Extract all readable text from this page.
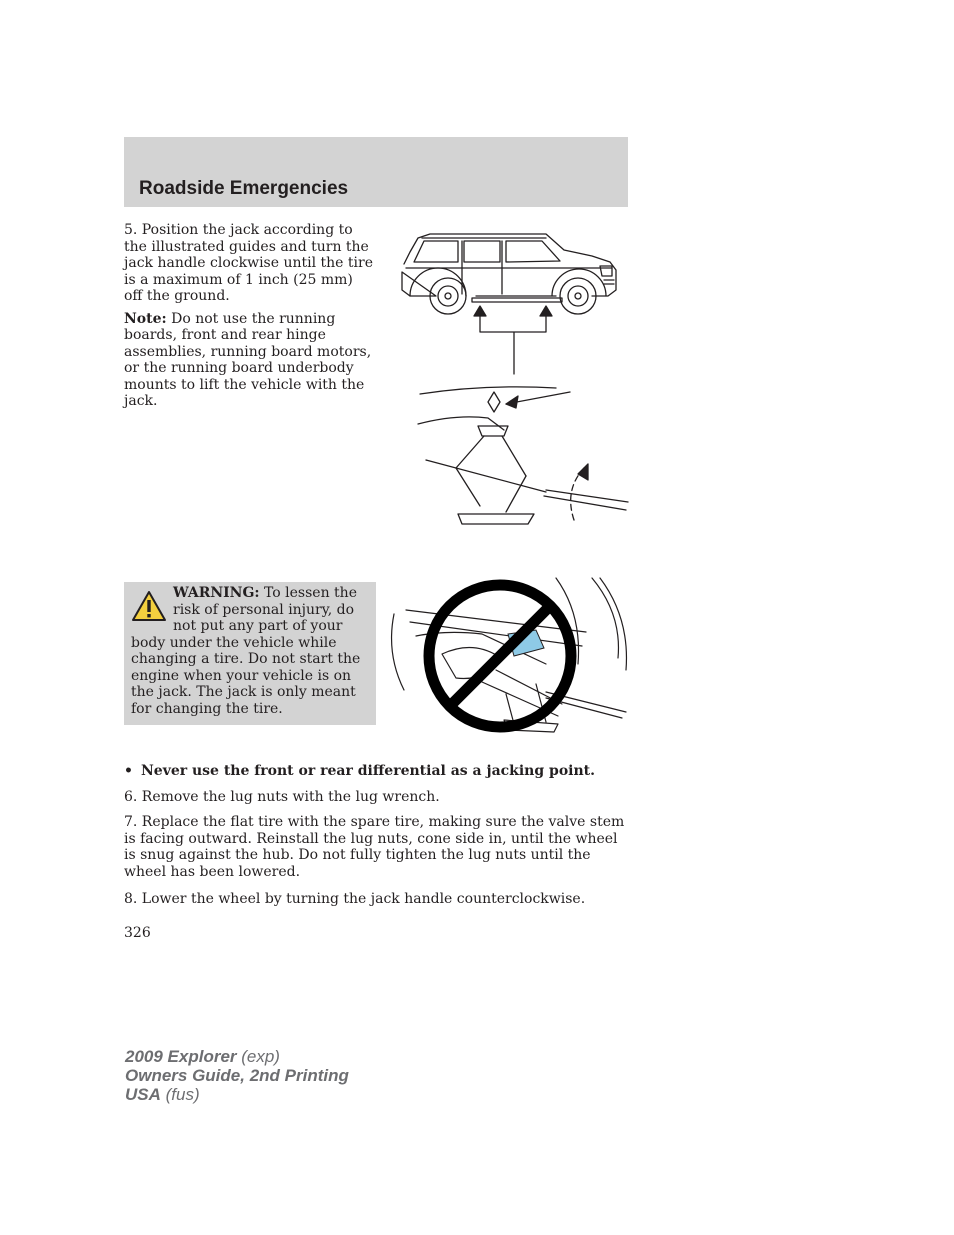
Roadside Emergencies

5. Position the jack according to the illustrated guides and turn the jack handle clockwise until the tire is a maximum of 1 inch (25 mm) off the ground.

Note: Do not use the running boards, front and rear hinge assemblies, running board motors, or the running board underbody mounts to lift the vehicle with the jack.

WARNING: To lessen the risk of personal injury, do not put any part of your body under the vehicle while changing a tire. Do not start the engine when your vehicle is on the jack. The jack is only meant for changing the tire.

• Never use the front or rear differential as a jacking point.

6. Remove the lug nuts with the lug wrench.

7. Replace the flat tire with the spare tire, making sure the valve stem is facing outward. Reinstall the lug nuts, cone side in, until the wheel is snug against the hub. Do not fully tighten the lug nuts until the wheel has been lowered.

8. Lower the wheel by turning the jack handle counterclockwise.

326

2009 Explorer (exp)
Owners Guide, 2nd Printing
USA (fus)
